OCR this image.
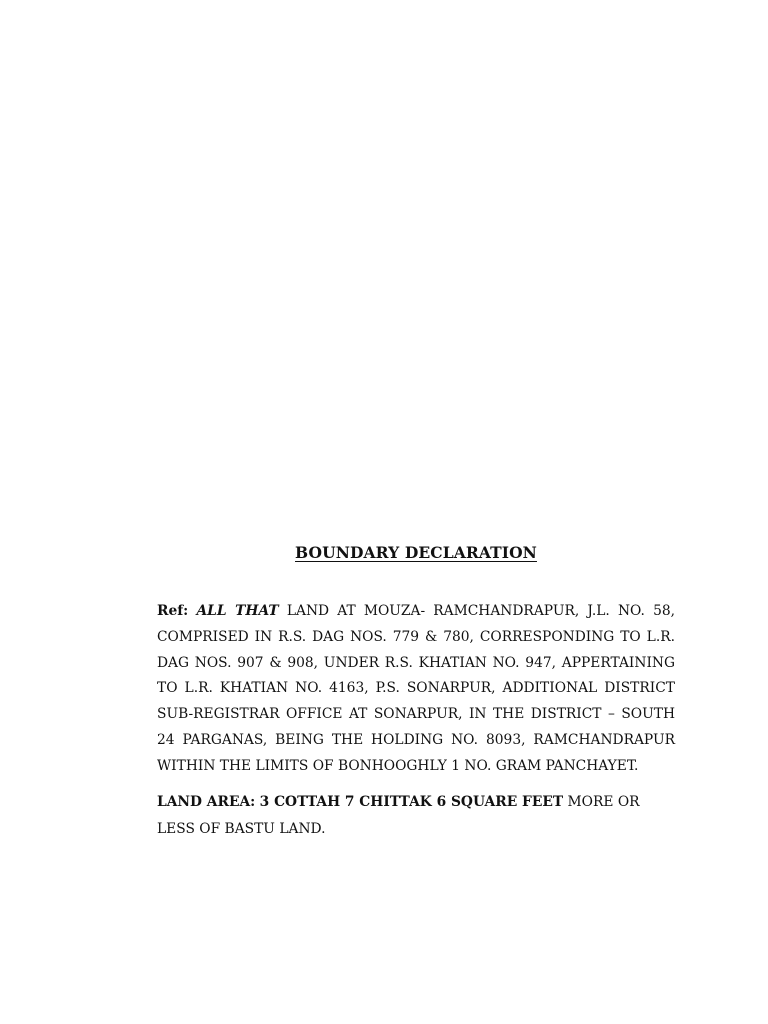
BOUNDARY DECLARATION

Ref: ALL THAT LAND AT MOUZA- RAMCHANDRAPUR, J.L. NO. 58, COMPRISED IN R.S. DAG NOS. 779 & 780, CORRESPONDING TO L.R. DAG NOS. 907 & 908, UNDER R.S. KHATIAN NO. 947, APPERTAINING TO L.R. KHATIAN NO. 4163, P.S. SONARPUR, ADDITIONAL DISTRICT SUB-REGISTRAR OFFICE AT SONARPUR, IN THE DISTRICT – SOUTH 24 PARGANAS, BEING THE HOLDING NO. 8093, RAMCHANDRAPUR WITHIN THE LIMITS OF BONHOOGHLY 1 NO. GRAM PANCHAYET.

LAND AREA: 3 COTTAH 7 CHITTAK 6 SQUARE FEET MORE OR LESS OF BASTU LAND.
